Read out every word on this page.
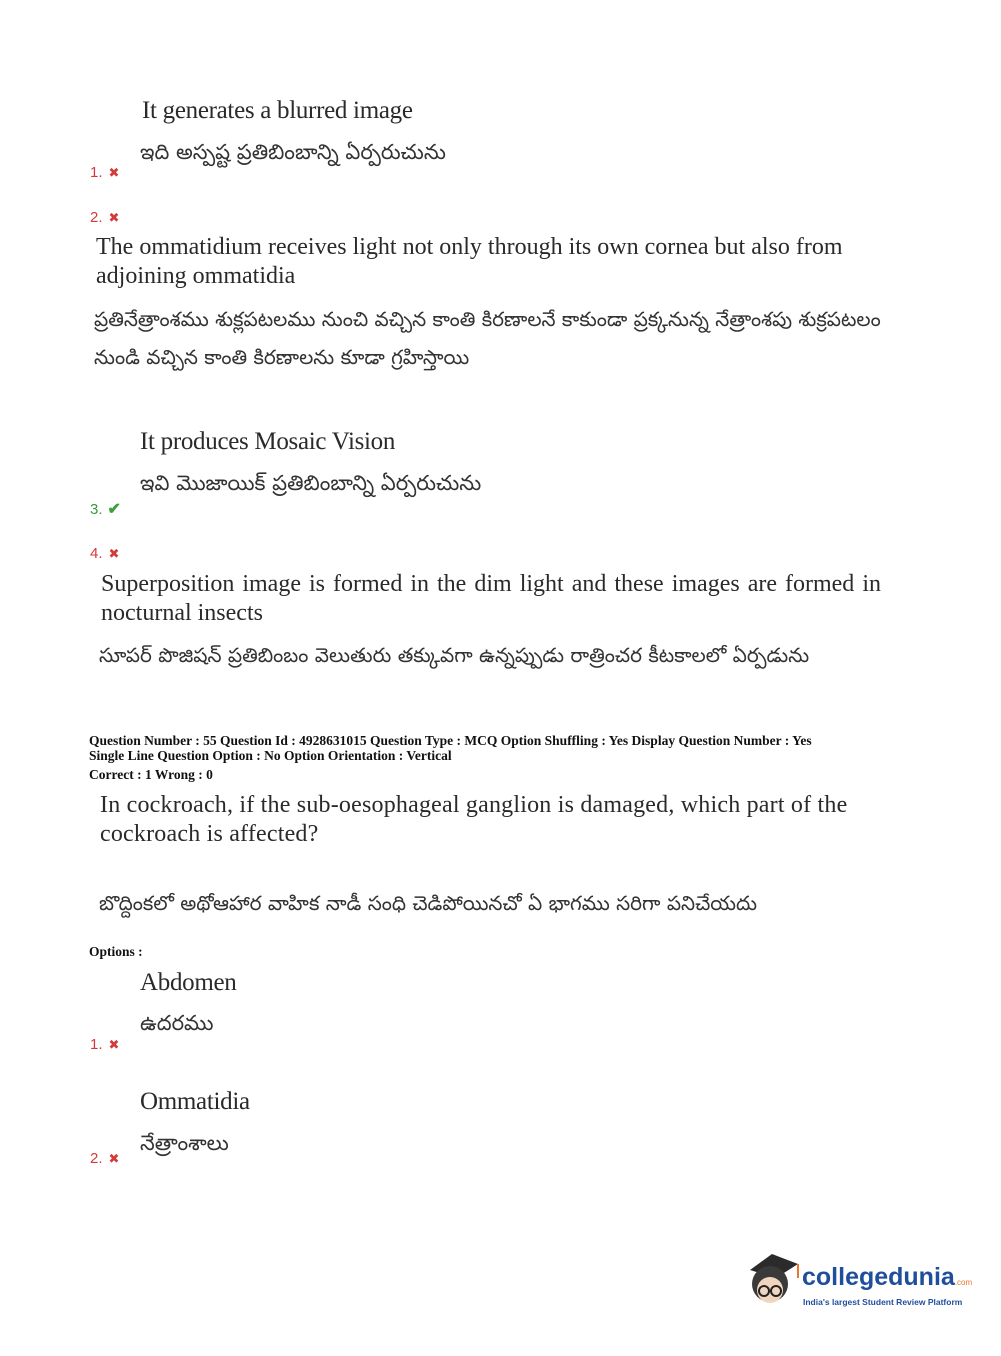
It generates a blurred image
ఇది అస్పష్ట ప్రతిబింబాన్ని ఏర్పరుచును
1. ✖
2. ✖
The ommatidium receives light not only through its own cornea but also from adjoining ommatidia
ప్రతినేత్రాంశము శుక్లపటలము నుంచి వచ్చిన కాంతి కిరణాలనే కాకుండా ప్రక్కనున్న నేత్రాంశపు శుక్రపటలం నుండి వచ్చిన కాంతి కిరణాలను కూడా గ్రహిస్తాయి
It produces Mosaic Vision
ఇవి మొజాయిక్ ప్రతిబింబాన్ని ఏర్పరుచును
3. ✔
4. ✖
Superposition image is formed in the dim light and these images are formed in nocturnal insects
సూపర్ పొజిషన్ ప్రతిబింబం వెలుతురు తక్కువగా ఉన్నప్పుడు రాత్రించర కీటకాలలో ఏర్పడును
Question Number : 55 Question Id : 4928631015 Question Type : MCQ Option Shuffling : Yes Display Question Number : Yes
Single Line Question Option : No Option Orientation : Vertical
Correct : 1 Wrong : 0
In cockroach, if the sub-oesophageal ganglion is damaged, which part of the cockroach is affected?
బొద్దింకలో అథోఆహార వాహిక నాడీ సంధి చెడిపోయినచో ఏ భాగము సరిగా పనిచేయదు
Options :
Abdomen
ఉదరము
1. ✖
Ommatidia
నేత్రాంశాలు
2. ✖
collegedunia.com
India's largest Student Review Platform
